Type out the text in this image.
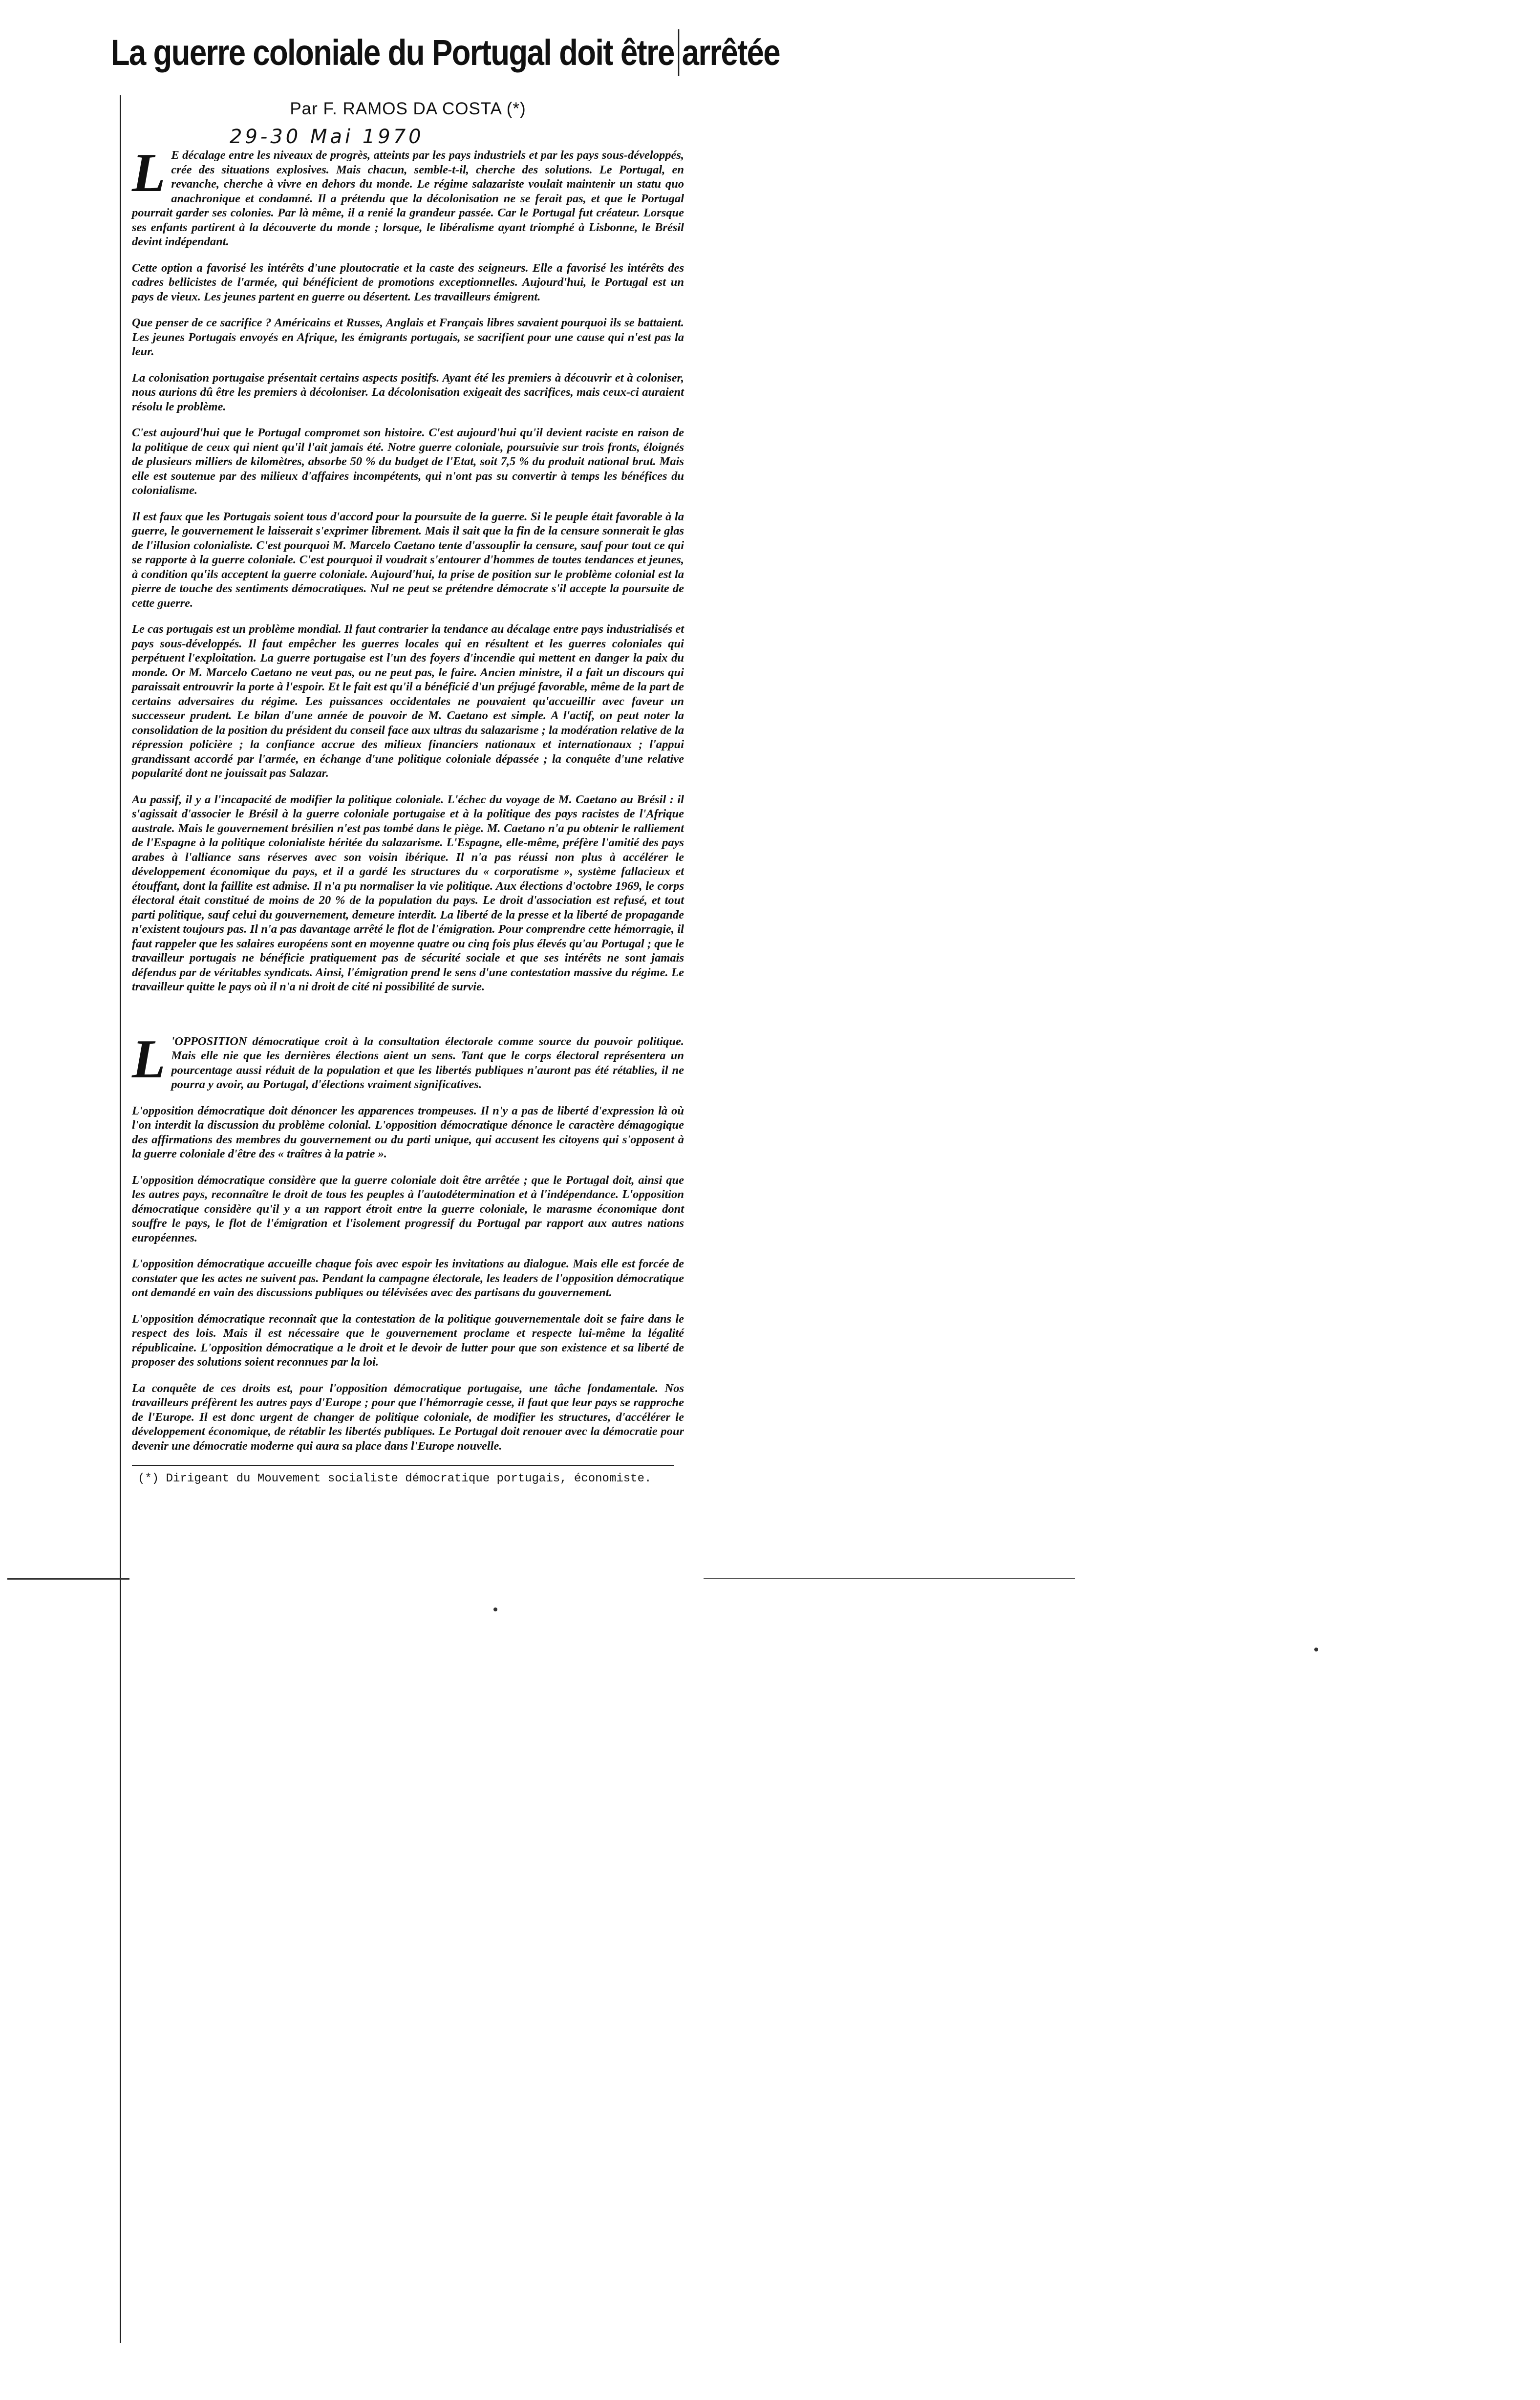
La guerre coloniale du Portugal doit être arrêtée

Par F. RAMOS DA COSTA (*)

29-30 Mai 1970

L E décalage entre les niveaux de progrès, atteints par les pays industriels et par les pays sous-développés, crée des situations explosives. Mais chacun, semble-t-il, cherche des solutions. Le Portugal, en revanche, cherche à vivre en dehors du monde. Le régime salazariste voulait maintenir un statu quo anachronique et condamné. Il a prétendu que la décolonisation ne se ferait pas, et que le Portugal pourrait garder ses colonies. Par là même, il a renié la grandeur passée. Car le Portugal fut créateur. Lorsque ses enfants partirent à la découverte du monde ; lorsque, le libéralisme ayant triomphé à Lisbonne, le Brésil devint indépendant.

Cette option a favorisé les intérêts d'une ploutocratie et la caste des seigneurs. Elle a favorisé les intérêts des cadres bellicistes de l'armée, qui bénéficient de promotions exceptionnelles. Aujourd'hui, le Portugal est un pays de vieux. Les jeunes partent en guerre ou désertent. Les travailleurs émigrent.

Que penser de ce sacrifice ? Américains et Russes, Anglais et Français libres savaient pourquoi ils se battaient. Les jeunes Portugais envoyés en Afrique, les émigrants portugais, se sacrifient pour une cause qui n'est pas la leur.

La colonisation portugaise présentait certains aspects positifs. Ayant été les premiers à découvrir et à coloniser, nous aurions dû être les premiers à décoloniser. La décolonisation exigeait des sacrifices, mais ceux-ci auraient résolu le problème.

C'est aujourd'hui que le Portugal compromet son histoire. C'est aujourd'hui qu'il devient raciste en raison de la politique de ceux qui nient qu'il l'ait jamais été. Notre guerre coloniale, poursuivie sur trois fronts, éloignés de plusieurs milliers de kilomètres, absorbe 50 % du budget de l'Etat, soit 7,5 % du produit national brut. Mais elle est soutenue par des milieux d'affaires incompétents, qui n'ont pas su convertir à temps les bénéfices du colonialisme.

Il est faux que les Portugais soient tous d'accord pour la poursuite de la guerre. Si le peuple était favorable à la guerre, le gouvernement le laisserait s'exprimer librement. Mais il sait que la fin de la censure sonnerait le glas de l'illusion colonialiste. C'est pourquoi M. Marcelo Caetano tente d'assouplir la censure, sauf pour tout ce qui se rapporte à la guerre coloniale. C'est pourquoi il voudrait s'entourer d'hommes de toutes tendances et jeunes, à condition qu'ils acceptent la guerre coloniale. Aujourd'hui, la prise de position sur le problème colonial est la pierre de touche des sentiments démocratiques. Nul ne peut se prétendre démocrate s'il accepte la poursuite de cette guerre.

Le cas portugais est un problème mondial. Il faut contrarier la tendance au décalage entre pays industrialisés et pays sous-développés. Il faut empêcher les guerres locales qui en résultent et les guerres coloniales qui perpétuent l'exploitation. La guerre portugaise est l'un des foyers d'incendie qui mettent en danger la paix du monde. Or M. Marcelo Caetano ne veut pas, ou ne peut pas, le faire. Ancien ministre, il a fait un discours qui paraissait entrouvrir la porte à l'espoir. Et le fait est qu'il a bénéficié d'un préjugé favorable, même de la part de certains adversaires du régime. Les puissances occidentales ne pouvaient qu'accueillir avec faveur un successeur prudent. Le bilan d'une année de pouvoir de M. Caetano est simple. A l'actif, on peut noter la consolidation de la position du président du conseil face aux ultras du salazarisme ; la modération relative de la répression policière ; la confiance accrue des milieux financiers nationaux et internationaux ; l'appui grandissant accordé par l'armée, en échange d'une politique coloniale dépassée ; la conquête d'une relative popularité dont ne jouissait pas Salazar.

Au passif, il y a l'incapacité de modifier la politique coloniale. L'échec du voyage de M. Caetano au Brésil : il s'agissait d'associer le Brésil à la guerre coloniale portugaise et à la politique des pays racistes de l'Afrique australe. Mais le gouvernement brésilien n'est pas tombé dans le piège. M. Caetano n'a pu obtenir le ralliement de l'Espagne à la politique colonialiste héritée du salazarisme. L'Espagne, elle-même, préfère l'amitié des pays arabes à l'alliance sans réserves avec son voisin ibérique. Il n'a pas réussi non plus à accélérer le développement économique du pays, et il a gardé les structures du « corporatisme », système fallacieux et étouffant, dont la faillite est admise. Il n'a pu normaliser la vie politique. Aux élections d'octobre 1969, le corps électoral était constitué de moins de 20 % de la population du pays. Le droit d'association est refusé, et tout parti politique, sauf celui du gouvernement, demeure interdit. La liberté de la presse et la liberté de propagande n'existent toujours pas. Il n'a pas davantage arrêté le flot de l'émigration. Pour comprendre cette hémorragie, il faut rappeler que les salaires européens sont en moyenne quatre ou cinq fois plus élevés qu'au Portugal ; que le travailleur portugais ne bénéficie pratiquement pas de sécurité sociale et que ses intérêts ne sont jamais défendus par de véritables syndicats. Ainsi, l'émigration prend le sens d'une contestation massive du régime. Le travailleur quitte le pays où il n'a ni droit de cité ni possibilité de survie.

L 'OPPOSITION démocratique croit à la consultation électorale comme source du pouvoir politique. Mais elle nie que les dernières élections aient un sens. Tant que le corps électoral représentera un pourcentage aussi réduit de la population et que les libertés publiques n'auront pas été rétablies, il ne pourra y avoir, au Portugal, d'élections vraiment significatives.

L'opposition démocratique doit dénoncer les apparences trompeuses. Il n'y a pas de liberté d'expression là où l'on interdit la discussion du problème colonial. L'opposition démocratique dénonce le caractère démagogique des affirmations des membres du gouvernement ou du parti unique, qui accusent les citoyens qui s'opposent à la guerre coloniale d'être des « traîtres à la patrie ».

L'opposition démocratique considère que la guerre coloniale doit être arrêtée ; que le Portugal doit, ainsi que les autres pays, reconnaître le droit de tous les peuples à l'autodétermination et à l'indépendance. L'opposition démocratique considère qu'il y a un rapport étroit entre la guerre coloniale, le marasme économique dont souffre le pays, le flot de l'émigration et l'isolement progressif du Portugal par rapport aux autres nations européennes.

L'opposition démocratique accueille chaque fois avec espoir les invitations au dialogue. Mais elle est forcée de constater que les actes ne suivent pas. Pendant la campagne électorale, les leaders de l'opposition démocratique ont demandé en vain des discussions publiques ou télévisées avec des partisans du gouvernement.

L'opposition démocratique reconnaît que la contestation de la politique gouvernementale doit se faire dans le respect des lois. Mais il est nécessaire que le gouvernement proclame et respecte lui-même la légalité républicaine. L'opposition démocratique a le droit et le devoir de lutter pour que son existence et sa liberté de proposer des solutions soient reconnues par la loi.

La conquête de ces droits est, pour l'opposition démocratique portugaise, une tâche fondamentale. Nos travailleurs préfèrent les autres pays d'Europe ; pour que l'hémorragie cesse, il faut que leur pays se rapproche de l'Europe. Il est donc urgent de changer de politique coloniale, de modifier les structures, d'accélérer le développement économique, de rétablir les libertés publiques. Le Portugal doit renouer avec la démocratie pour devenir une démocratie moderne qui aura sa place dans l'Europe nouvelle.

(*) Dirigeant du Mouvement socialiste démocratique portugais, économiste.
